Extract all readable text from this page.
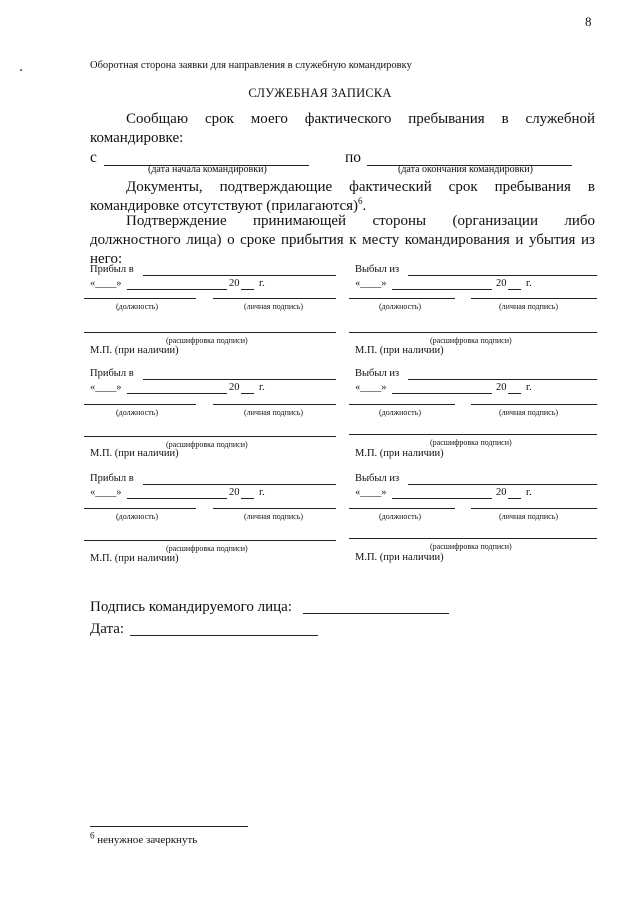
8
Оборотная сторона заявки для направления в служебную командировку
СЛУЖЕБНАЯ ЗАПИСКА
Сообщаю срок моего фактического пребывания в служебной командировке:
с
(дата начала командировки)
по
(дата окончания командировки)
Документы, подтверждающие фактический срок пребывания в командировке отсутствуют (прилагаются)$^6$.
Подтверждение принимающей стороны (организации либо должностного лица) о сроке прибытия к месту командирования и убытия из него:
Прибыл в
«____»	20 г.
(должность)	(личная подпись)
(расшифровка подписи)
М.П. (при наличии)
Выбыл из
«____»	20 г.
(должность)	(личная подпись)
(расшифровка подписи)
М.П. (при наличии)
Прибыл в
«____»	20 г.
(должность)	(личная подпись)
(расшифровка подписи)
М.П. (при наличии)
Выбыл из
«____»	20 г.
(должность)	(личная подпись)
(расшифровка подписи)
М.П. (при наличии)
Прибыл в
«____»	20 г.
(должность)	(личная подпись)
(расшифровка подписи)
М.П. (при наличии)
Выбыл из
«____»	20 г.
(должность)	(личная подпись)
(расшифровка подписи)
М.П. (при наличии)
Подпись командируемого лица:
Дата:
$^6$ ненужное зачеркнуть
